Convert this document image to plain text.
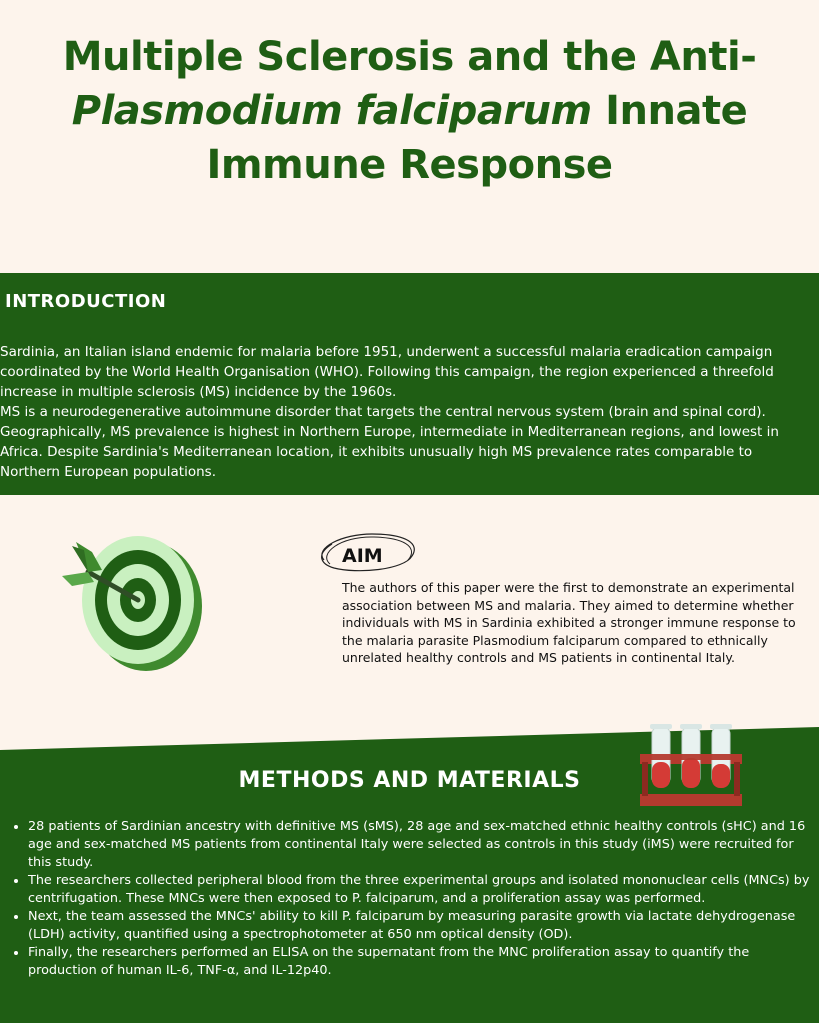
Multiple Sclerosis and the Anti-
Plasmodium falciparum Innate
Immune Response
INTRODUCTION

Sardinia, an Italian island endemic for malaria before 1951, underwent a successful malaria eradication campaign coordinated by the World Health Organisation (WHO). Following this campaign, the region experienced a threefold increase in multiple sclerosis (MS) incidence by the 1960s.
MS is a neurodegenerative autoimmune disorder that targets the central nervous system (brain and spinal cord). Geographically, MS prevalence is highest in Northern Europe, intermediate in Mediterranean regions, and lowest in Africa. Despite Sardinia's Mediterranean location, it exhibits unusually high MS prevalence rates comparable to Northern European populations.

AIM

The authors of this paper were the first to demonstrate an experimental association between MS and malaria. They aimed to determine whether individuals with MS in Sardinia exhibited a stronger immune response to the malaria parasite Plasmodium falciparum compared to ethnically unrelated healthy controls and MS patients in continental Italy.

METHODS AND MATERIALS
• 28 patients of Sardinian ancestry with definitive MS (sMS), 28 age and sex-matched ethnic healthy controls (sHC) and 16 age and sex-matched MS patients from continental Italy were selected as controls in this study (iMS) were recruited for this study.
• The researchers collected peripheral blood from the three experimental groups and isolated mononuclear cells (MNCs) by centrifugation. These MNCs were then exposed to P. falciparum, and a proliferation assay was performed.
• Next, the team assessed the MNCs' ability to kill P. falciparum by measuring parasite growth via lactate dehydrogenase (LDH) activity, quantified using a spectrophotometer at 650 nm optical density (OD).
• Finally, the researchers performed an ELISA on the supernatant from the MNC proliferation assay to quantify the production of human IL-6, TNF-α, and IL-12p40.
